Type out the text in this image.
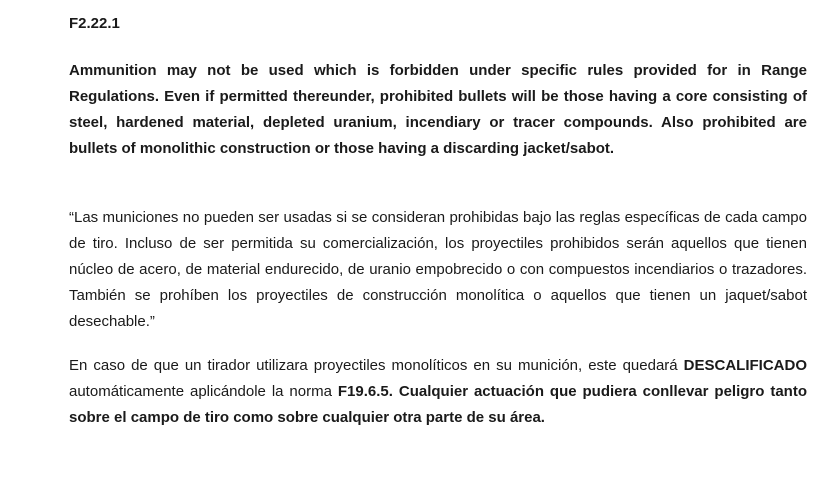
F2.22.1

Ammunition may not be used which is forbidden under specific rules provided for in Range Regulations. Even if permitted thereunder, prohibited bullets will be those having a core consisting of steel, hardened material, depleted uranium, incendiary or tracer compounds. Also prohibited are bullets of monolithic construction or those having a discarding jacket/sabot.

“Las municiones no pueden ser usadas si se consideran prohibidas bajo las reglas específicas de cada campo de tiro. Incluso de ser permitida su comercialización, los proyectiles prohibidos serán aquellos que tienen núcleo de acero, de material endurecido, de uranio empobrecido o con compuestos incendiarios o trazadores. También se prohíben los proyectiles de construcción monolítica o aquellos que tienen un jaquet/sabot desechable.”

En caso de que un tirador utilizara proyectiles monolíticos en su munición, este quedará DESCALIFICADO automáticamente aplicándole la norma F19.6.5. Cualquier actuación que pudiera conllevar peligro tanto sobre el campo de tiro como sobre cualquier otra parte de su área.
